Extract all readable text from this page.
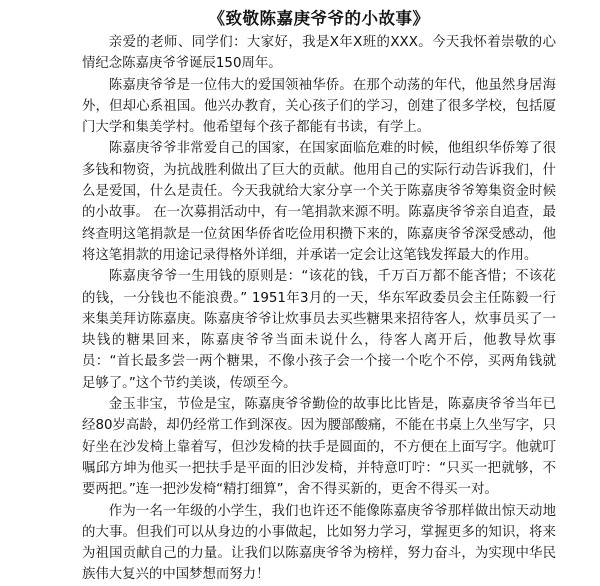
《致敬陈嘉庚爷爷的小故事》

亲爱的老师、同学们：大家好，我是X年X班的XXX。今天我怀着崇敬的心情纪念陈嘉庚爷爷诞辰150周年。

陈嘉庚爷爷是一位伟大的爱国领袖华侨。在那个动荡的年代，他虽然身居海外，但却心系祖国。他兴办教育，关心孩子们的学习，创建了很多学校，包括厦门大学和集美学村。他希望每个孩子都能有书读，有学上。

陈嘉庚爷爷非常爱自己的国家，在国家面临危难的时候，他组织华侨筹了很多钱和物资，为抗战胜利做出了巨大的贡献。他用自己的实际行动告诉我们，什么是爱国，什么是责任。今天我就给大家分享一个关于陈嘉庚爷爷筹集资金时候的小故事。 在一次募捐活动中，有一笔捐款来源不明。陈嘉庚爷爷亲自追查，最终查明这笔捐款是一位贫困华侨省吃俭用积攒下来的，陈嘉庚爷爷深受感动，他将这笔捐款的用途记录得格外详细，并承诺一定会让这笔钱发挥最大的作用。

陈嘉庚爷爷一生用钱的原则是：“该花的钱，千万百万都不能吝惜；不该花的钱，一分钱也不能浪费。” 1951年3月的一天，华东军政委员会主任陈毅一行来集美拜访陈嘉庚。陈嘉庚爷爷让炊事员去买些糖果来招待客人，炊事员买了一块钱的糖果回来，陈嘉庚爷爷当面未说什么，待客人离开后，他教导炊事员：“首长最多尝一两个糖果，不像小孩子会一个接一个吃个不停，买两角钱就足够了。”这个节约美谈，传颂至今。

金玉非宝，节俭是宝，陈嘉庚爷爷勤俭的故事比比皆是，陈嘉庚爷爷当年已经80岁高龄，却仍经常工作到深夜。因为腰部酸痛，不能在书桌上久坐写字，只好坐在沙发椅上靠着写，但沙发椅的扶手是圆面的，不方便在上面写字。他就叮嘱邱方坤为他买一把扶手是平面的旧沙发椅，并特意叮咛：“只买一把就够，不要两把。”连一把沙发椅“精打细算”，舍不得买新的，更舍不得买一对。

作为一名一年级的小学生，我们也许还不能像陈嘉庚爷爷那样做出惊天动地的大事。但我们可以从身边的小事做起，比如努力学习，掌握更多的知识，将来为祖国贡献自己的力量。让我们以陈嘉庚爷爷为榜样，努力奋斗，为实现中华民族伟大复兴的中国梦想而努力！
